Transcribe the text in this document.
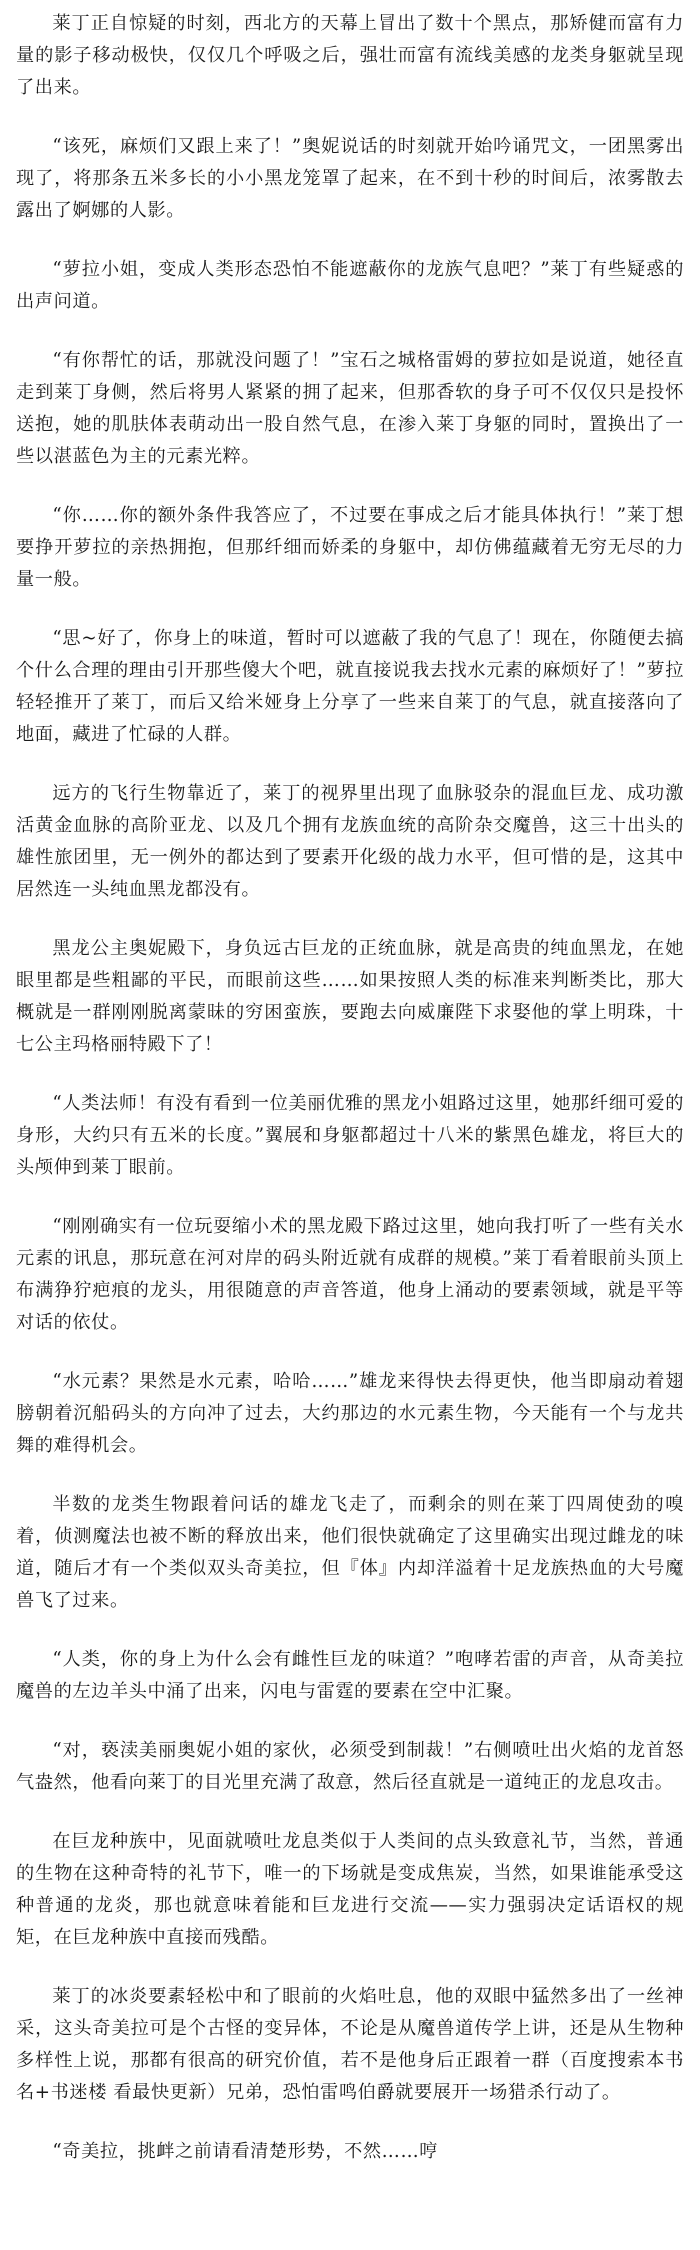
莱丁正自惊疑的时刻，西北方的天幕上冒出了数十个黑点，那矫健而富有力量的影子移动极快，仅仅几个呼吸之后，强壮而富有流线美感的龙类身躯就呈现了出来。

“该死，麻烦们又跟上来了！”奥妮说话的时刻就开始吟诵咒文，一团黑雾出现了，将那条五米多长的小小黑龙笼罩了起来，在不到十秒的时间后，浓雾散去露出了婀娜的人影。

“萝拉小姐，变成人类形态恐怕不能遮蔽你的龙族气息吧？”莱丁有些疑惑的出声问道。

“有你帮忙的话，那就没问题了！”宝石之城格雷姆的萝拉如是说道，她径直走到莱丁身侧，然后将男人紧紧的拥了起来，但那香软的身子可不仅仅只是投怀送抱，她的肌肤体表萌动出一股自然气息，在渗入莱丁身躯的同时，置换出了一些以湛蓝色为主的元素光粹。

“你……你的额外条件我答应了，不过要在事成之后才能具体执行！”莱丁想要挣开萝拉的亲热拥抱，但那纤细而娇柔的身躯中，却仿佛蕴藏着无穷无尽的力量一般。

“思~好了，你身上的味道，暂时可以遮蔽了我的气息了！现在，你随便去搞个什么合理的理由引开那些傻大个吧，就直接说我去找水元素的麻烦好了！”萝拉轻轻推开了莱丁，而后又给米娅身上分享了一些来自莱丁的气息，就直接落向了地面，藏进了忙碌的人群。

远方的飞行生物靠近了，莱丁的视界里出现了血脉驳杂的混血巨龙、成功激活黄金血脉的高阶亚龙、以及几个拥有龙族血统的高阶杂交魔兽，这三十出头的雄性旅团里，无一例外的都达到了要素开化级的战力水平，但可惜的是，这其中居然连一头纯血黑龙都没有。

黑龙公主奥妮殿下，身负远古巨龙的正统血脉，就是高贵的纯血黑龙，在她眼里都是些粗鄙的平民，而眼前这些……如果按照人类的标准来判断类比，那大概就是一群刚刚脱离蒙昧的穷困蛮族，要跑去向威廉陛下求娶他的掌上明珠，十七公主玛格丽特殿下了！

“人类法师！有没有看到一位美丽优雅的黑龙小姐路过这里，她那纤细可爱的身形，大约只有五米的长度。”翼展和身躯都超过十八米的紫黑色雄龙，将巨大的头颅伸到莱丁眼前。

“刚刚确实有一位玩耍缩小术的黑龙殿下路过这里，她向我打听了一些有关水元素的讯息，那玩意在河对岸的码头附近就有成群的规模。”莱丁看着眼前头顶上布满狰狞疤痕的龙头，用很随意的声音答道，他身上涌动的要素领域，就是平等对话的依仗。

“水元素？果然是水元素，哈哈……”雄龙来得快去得更快，他当即扇动着翅膀朝着沉船码头的方向冲了过去，大约那边的水元素生物，今天能有一个与龙共舞的难得机会。

半数的龙类生物跟着问话的雄龙飞走了，而剩余的则在莱丁四周使劲的嗅着，侦测魔法也被不断的释放出来，他们很快就确定了这里确实出现过雌龙的味道，随后才有一个类似双头奇美拉，但『体』内却洋溢着十足龙族热血的大号魔兽飞了过来。

“人类，你的身上为什么会有雌性巨龙的味道？”咆哮若雷的声音，从奇美拉魔兽的左边羊头中涌了出来，闪电与雷霆的要素在空中汇聚。

“对，亵渎美丽奥妮小姐的家伙，必须受到制裁！”右侧喷吐出火焰的龙首怒气盎然，他看向莱丁的目光里充满了敌意，然后径直就是一道纯正的龙息攻击。

在巨龙种族中，见面就喷吐龙息类似于人类间的点头致意礼节，当然，普通的生物在这种奇特的礼节下，唯一的下场就是变成焦炭，当然，如果谁能承受这种普通的龙炎，那也就意味着能和巨龙进行交流——实力强弱决定话语权的规矩，在巨龙种族中直接而残酷。

莱丁的冰炎要素轻松中和了眼前的火焰吐息，他的双眼中猛然多出了一丝神采，这头奇美拉可是个古怪的变异体，不论是从魔兽道传学上讲，还是从生物种多样性上说，那都有很高的研究价值，若不是他身后正跟着一群（百度搜索本书名+书迷楼 看最快更新）兄弟，恐怕雷鸣伯爵就要展开一场猎杀行动了。

“奇美拉，挑衅之前请看清楚形势，不然……哼
